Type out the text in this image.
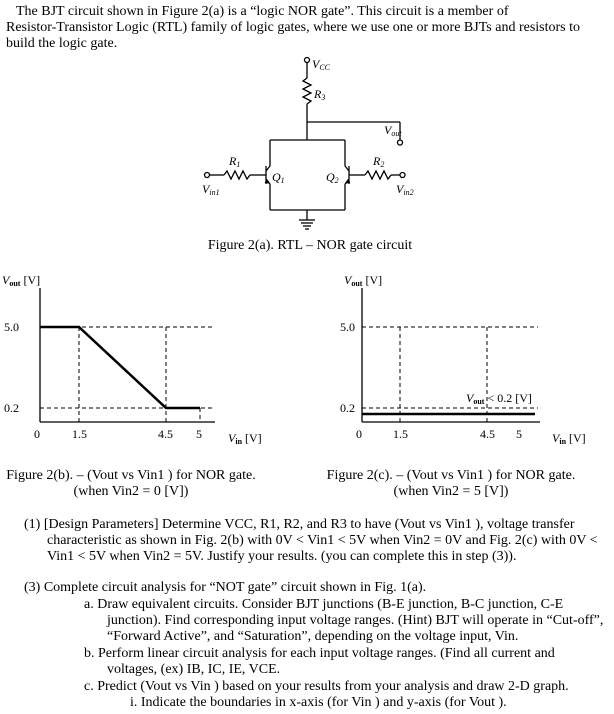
The BJT circuit shown in Figure 2(a) is a “logic NOR gate”. This circuit is a member of
Resistor-Transistor Logic (RTL) family of logic gates, where we use one or more BJTs and resistors to
build the logic gate.
VCC
R3
Vout
R1	R2
Q1	Q2
Vin1	Vin2
Figure 2(a). RTL – NOR gate circuit
Vout [V]
5.0
0.2
0	1.5	4.5 5 Vin [V]
Vout [V]
5.0
0.2
Vout < 0.2 [V]
0	1.5	4.5 5	Vin [V]
Figure 2(b). – (Vout vs Vin1 ) for NOR gate.
(when Vin2 = 0 [V])
Figure 2(c). – (Vout vs Vin1 ) for NOR gate.
(when Vin2 = 5 [V])
(1) [Design Parameters] Determine VCC, R1, R2, and R3 to have (Vout vs Vin1 ), voltage transfer
characteristic as shown in Fig. 2(b) with 0V < Vin1 < 5V when Vin2 = 0V and Fig. 2(c) with 0V <
Vin1 < 5V when Vin2 = 5V. Justify your results. (you can complete this in step (3)).
(3) Complete circuit analysis for “NOT gate” circuit shown in Fig. 1(a).
a. Draw equivalent circuits. Consider BJT junctions (B-E junction, B-C junction, C-E
junction). Find corresponding input voltage ranges. (Hint) BJT will operate in “Cut-off”,
“Forward Active”, and “Saturation”, depending on the voltage input, Vin.
b. Perform linear circuit analysis for each input voltage ranges. (Find all current and
voltages, (ex) IB, IC, IE, VCE.
c. Predict (Vout vs Vin ) based on your results from your analysis and draw 2-D graph.
i. Indicate the boundaries in x-axis (for Vin ) and y-axis (for Vout ).
